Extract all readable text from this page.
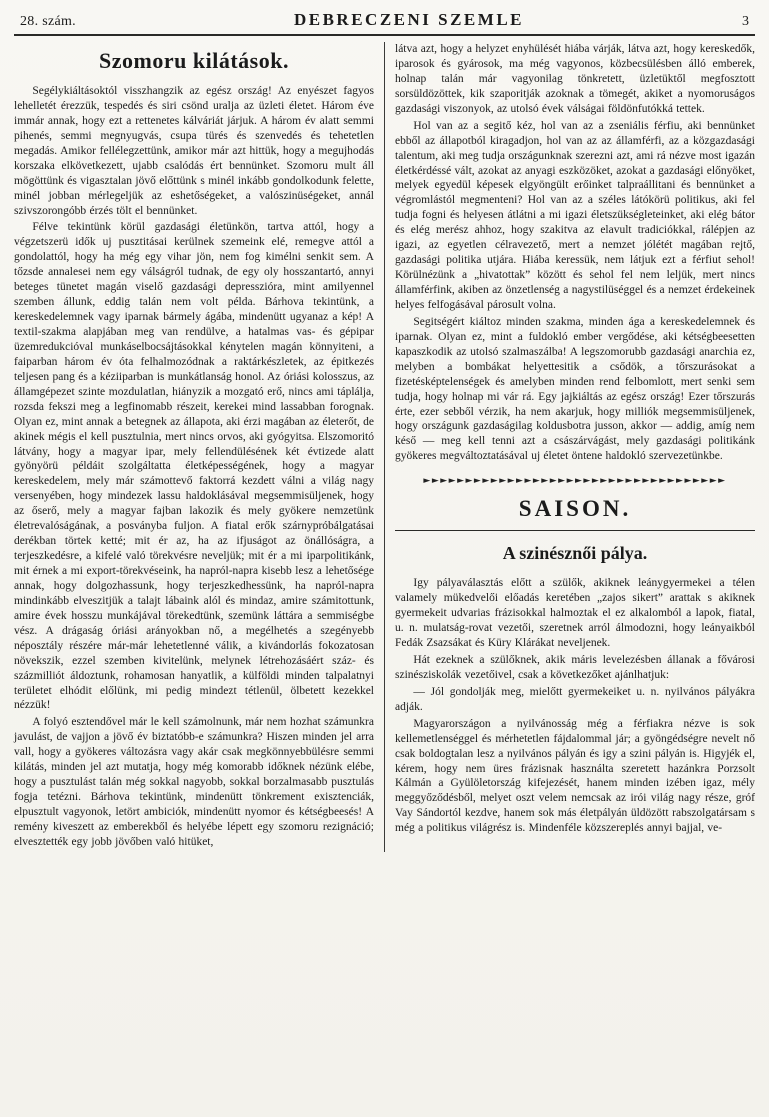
28. szám.	DEBRECZENI SZEMLE	3
Szomoru kilátások.

Segélykiáltásoktól visszhangzik az egész ország! Az enyészet fagyos lehelletét érezzük, tespedés és siri csönd uralja az üzleti életet. Három éve immár annak, hogy ezt a rettenetes kálváriát járjuk. A három év alatt semmi pihenés, semmi megnyugvás, csupa türés és szenvedés és tehetetlen megadás. Amikor fellélegzettünk, amikor már azt hittük, hogy a megujhodás korszaka elkövetkezett, ujabb csalódás ért bennünket. Szomoru mult áll mögöttünk és vigasztalan jövő előttünk s minél inkább gondolkodunk felette, minél jobban mérlegeljük az eshetőségeket, a valószinüségeket, annál szivszorongóbb érzés tölt el bennünket.

Félve tekintünk körül gazdasági életünkön, tartva attól, hogy a végzetszerü idők uj pusztitásai kerülnek szemeink elé, remegve attól a gondolattól, hogy ha még egy vihar jön, nem fog kimélni senkit sem. A tőzsde annalesei nem egy válságról tudnak, de egy oly hosszantartó, annyi beteges tünetet magán viselő gazdasági depresszióra, mint amilyennel szemben állunk, eddig talán nem volt példa. Bárhova tekintünk, a kereskedelemnek vagy iparnak bármely ágába, mindenütt ugyanaz a kép! A textil-szakma alapjában meg van rendülve, a hatalmas vas- és gépipar üzemredukcióval munkáselbocsájtásokkal kénytelen magán könnyiteni, a faiparban három év óta felhalmozódnak a raktárkészletek, az épitkezés teljesen pang és a kéziiparban is munkátlanság honol. Az óriási kolosszus, az államgépezet szinte mozdulatlan, hiányzik a mozgató erő, nincs ami táplálja, rozsda fekszi meg a legfinomabb részeit, kerekei mind lassabban forognak. Olyan ez, mint annak a betegnek az állapota, aki érzi magában az életerőt, de akinek mégis el kell pusztulnia, mert nincs orvos, aki gyógyitsa. Elszomoritó látvány, hogy a magyar ipar, mely fellendülésének két évtizede alatt gyönyörü példáit szolgáltatta életképességének, hogy a magyar kereskedelem, mely már számottevő faktorrá kezdett válni a világ nagy versenyében, hogy mindezek lassu haldoklásával megsemmisüljenek, hogy az őserő, mely a magyar fajban lakozik és mely gyökere nemzetünk életrevalóságának, a posványba fuljon. A fiatal erők szárnypróbálgatásai derékban törtek ketté; mit ér az, ha az ifjuságot az önállóságra, a terjeszkedésre, a kifelé való törekvésre neveljük; mit ér a mi iparpolitikánk, mit érnek a mi export-törekvéseink, ha napról-napra kisebb lesz a lehetősége annak, hogy dolgozhassunk, hogy terjeszkedhessünk, ha napról-napra mindinkább elveszitjük a talajt lábaink alól és mindaz, amire számitottunk, amire évek hosszu munkájával törekedtünk, szemünk láttára a semmiségbe vész. A drágaság óriási arányokban nő, a megélhetés a szegényebb néposztály részére már-már lehetetlenné válik, a kivándorlás fokozatosan növekszik, ezzel szemben kivitelünk, melynek létrehozásáért száz- és százmilliót áldoztunk, rohamosan hanyatlik, a külföldi minden talpalatnyi területet elhódit előlünk, mi pedig mindezt tétlenül, ölbetett kezekkel nézzük!

A folyó esztendővel már le kell számolnunk, már nem hozhat számunkra javulást, de vajjon a jövő év biztatóbb-e számunkra? Hiszen minden jel arra vall, hogy a gyökeres változásra vagy akár csak megkönnyebbülésre semmi kilátás, minden jel azt mutatja, hogy még komorabb időknek nézünk elébe, hogy a pusztulást talán még sokkal nagyobb, sokkal borzalmasabb pusztulás fogja tetézni. Bárhova tekintünk, mindenütt tönkrement exisztenciák, elpusztult vagyonok, letört ambiciók, mindenütt nyomor és kétségbeesés! A remény kiveszett az emberekből és helyébe lépett egy szomoru rezignáció; elvesztették egy jobb jövőben való hitüket,

látva azt, hogy a helyzet enyhülését hiába várják, látva azt, hogy kereskedők, iparosok és gyárosok, ma még vagyonos, közbecsülésben álló emberek, holnap talán már vagyonilag tönkretett, üzletüktől megfosztott sorsüldözöttek, kik szaporitják azoknak a tömegét, akiket a nyomoruságos gazdasági viszonyok, az utolsó évek válságai földönfutókká tettek.

Hol van az a segitő kéz, hol van az a zseniális férfiu, aki bennünket ebből az állapotból kiragadjon, hol van az az államférfi, az a közgazdasági talentum, aki meg tudja országunknak szerezni azt, ami rá nézve most igazán életkérdéssé vált, azokat az anyagi eszközöket, azokat a gazdasági előnyöket, melyek egyedül képesek elgyöngült erőinket talpraállitani és bennünket a végromlástól megmenteni? Hol van az a széles látókörü politikus, aki fel tudja fogni és helyesen átlátni a mi igazi életszükségleteinket, aki elég bátor és elég merész ahhoz, hogy szakitva az elavult tradiciókkal, rálépjen az igazi, az egyetlen célravezető, mert a nemzet jólétét magában rejtő, gazdasági politika utjára. Hiába keressük, nem látjuk ezt a férfiut sehol! Körülnézünk a „hivatottak” között és sehol fel nem leljük, mert nincs államférfink, akiben az önzetlenség a nagystilüséggel és a nemzet érdekeinek helyes felfogásával párosult volna.

Segitségért kiáltoz minden szakma, minden ága a kereskedelemnek és iparnak. Olyan ez, mint a fuldokló ember vergődése, aki kétségbeesetten kapaszkodik az utolsó szalmaszálba! A legszomorubb gazdasági anarchia ez, melyben a bombákat helyettesitik a csődök, a tőrszurásokat a fizetésképtelenségek és amelyben minden rend felbomlott, mert senki sem tudja, hogy holnap mi vár rá. Egy jajkiáltás az egész ország! Ezer tőrszurás érte, ezer sebből vérzik, ha nem akarjuk, hogy milliók megsemmisüljenek, hogy országunk gazdaságilag koldusbotra jusson, akkor — addig, amíg nem késő — meg kell tenni azt a császárvágást, mely gazdasági politikánk gyökeres megváltoztatásával uj életet öntene haldokló szervezetünkbe.

►►►►►►►►►►►►►►►►►►►►►►►►►►►►►►►►►►►►
SAISON.
A szinésznői pálya.

Igy pályaválasztás előtt a szülők, akiknek leánygyermekei a télen valamely mükedvelői előadás keretében „zajos sikert” arattak s akiknek gyermekeit udvarias frázisokkal halmoztak el ez alkalomból a lapok, fiatal, u. n. mulatság-rovat vezetői, szeretnek arról álmodozni, hogy leányaikból Fedák Zsazsákat és Küry Klárákat neveljenek.

Hát ezeknek a szülőknek, akik máris levelezésben állanak a fővárosi szinésziskolák vezetőivel, csak a következőket ajánlhatjuk:

— Jól gondolják meg, mielőtt gyermekeiket u. n. nyilvános pályákra adják.

Magyarországon a nyilvánosság még a férfiakra nézve is sok kellemetlenséggel és mérhetetlen fájdalommal jár; a gyöngédségre nevelt nő csak boldogtalan lesz a nyilvános pályán és igy a szini pályán is. Higyjék el, kérem, hogy nem üres frázisnak használta szeretett hazánkra Porzsolt Kálmán a Gyülöletország kifejezését, hanem minden izében igaz, mély meggyőződésből, melyet oszt velem nemcsak az irói világ nagy része, gróf Vay Sándortól kezdve, hanem sok más életpályán üldözött rabszolgatársam s még a politikus világrész is. Mindenféle közszereplés annyi bajjal, ve-
